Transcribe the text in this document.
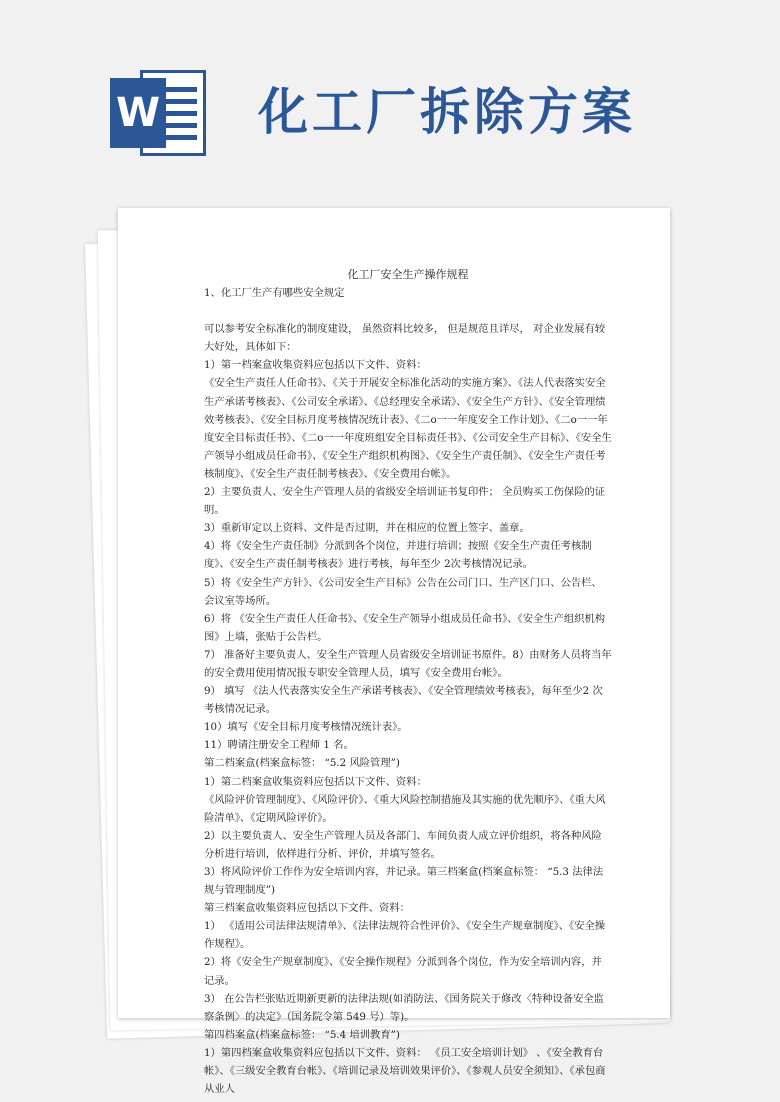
W 化工厂拆除方案

化工厂安全生产操作规程

1、化工厂生产有哪些安全规定

可以参考安全标准化的制度建设， 虽然资料比较多， 但是规范且详尽， 对企业发展有较大好处，具体如下：

1）第一档案盒收集资料应包括以下文件、资料：

《安全生产责任人任命书》、《关于开展安全标准化活动的实施方案》、《法人代表落实安全生产承诺考核表》、《公司安全承诺》、《总经理安全承诺》、《安全生产方针》、《安全管理绩效考核表》、《安全目标月度考核情况统计表》、《二o一一年度安全工作计划》、《二o一一年度安全目标责任书》、《二o一一年度班组安全目标责任书》、《公司安全生产目标》、《安全生产领导小组成员任命书》、《安全生产组织机构图》、《安全生产责任制》、《安全生产责任考核制度》、《安全生产责任制考核表》、《安全费用台帐》。

2）主要负责人、安全生产管理人员的省级安全培训证书复印件； 全员购买工伤保险的证明。

3）重新审定以上资料、文件是否过期，并在相应的位置上签字、盖章。

4）将《安全生产责任制》分派到各个岗位，并进行培训；按照《安全生产责任考核制度》、《安全生产责任制考核表》进行考核，每年至少 2次考核情况记录。

5）将《安全生产方针》、《公司安全生产目标》公告在公司门口、生产区门口、公告栏、会议室等场所。

6）将 《安全生产责任人任命书》、《安全生产领导小组成员任命书》、《安全生产组织机构图》上墙，张贴于公告栏。

7） 准备好主要负责人、安全生产管理人员省级安全培训证书原件。8）由财务人员将当年的安全费用使用情况报专职安全管理人员，填写《安全费用台帐》。

9） 填写 《法人代表落实安全生产承诺考核表》、《安全管理绩效考核表》，每年至少2 次考核情况记录。

10）填写《安全目标月度考核情况统计表》。

11）聘请注册安全工程师 1 名。

第二档案盒(档案盒标签： “5.2 风险管理”)

1）第二档案盒收集资料应包括以下文件、资料：

《风险评价管理制度》、《风险评价》、《重大风险控制措施及其实施的优先顺序》、《重大风险清单》、《定期风险评价》。

2）以主要负责人、安全生产管理人员及各部门、车间负责人成立评价组织，将各种风险分析进行培训，依样进行分析、评价，并填写签名。

3）将风险评价工作作为安全培训内容，并记录。第三档案盒(档案盒标签： “5.3 法律法规与管理制度”)

第三档案盒收集资料应包括以下文件、资料：

1） 《适用公司法律法规清单》、《法律法规符合性评价》、《安全生产规章制度》、《安全操作规程》。

2）将《安全生产规章制度》、《安全操作规程》分派到各个岗位，作为安全培训内容，并记录。

3） 在公告栏张贴近期新更新的法律法规(如消防法、《国务院关于修改〈特种设备安全监察条例〉的决定》（国务院令第 549 号）等)。

第四档案盒(档案盒标签： “5.4 培训教育”)

1）第四档案盒收集资料应包括以下文件、资料： 《员工安全培训计划》 、《安全教育台帐》、《三级安全教育台帐》、《培训记录及培训效果评价》、《参观人员安全须知》、《承包商从业人
